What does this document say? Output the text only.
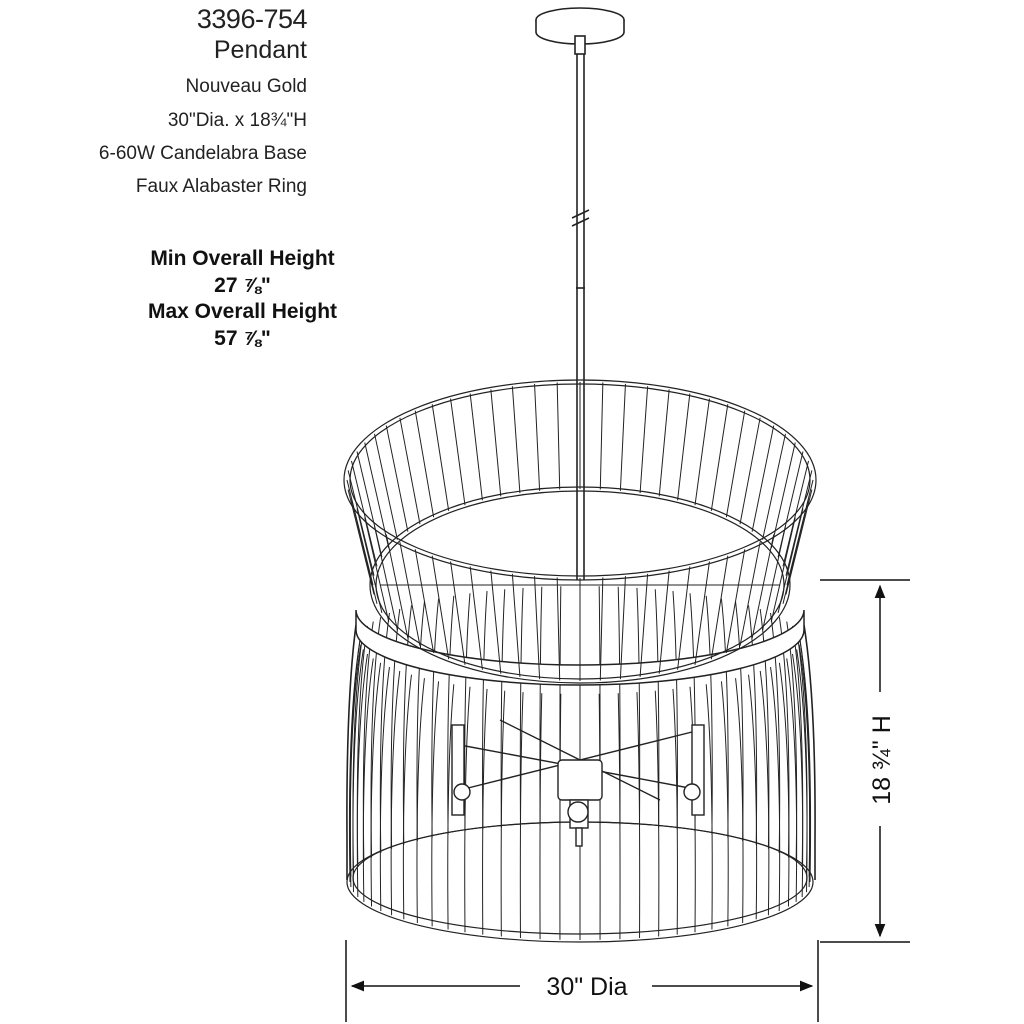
3396-754
Pendant
Nouveau Gold
30"Dia. x 18¾"H
6-60W Candelabra Base
Faux Alabaster Ring
Min Overall Height
27 ⅞"
Max Overall Height
57 ⅞"
18 ¾" H
30" Dia
